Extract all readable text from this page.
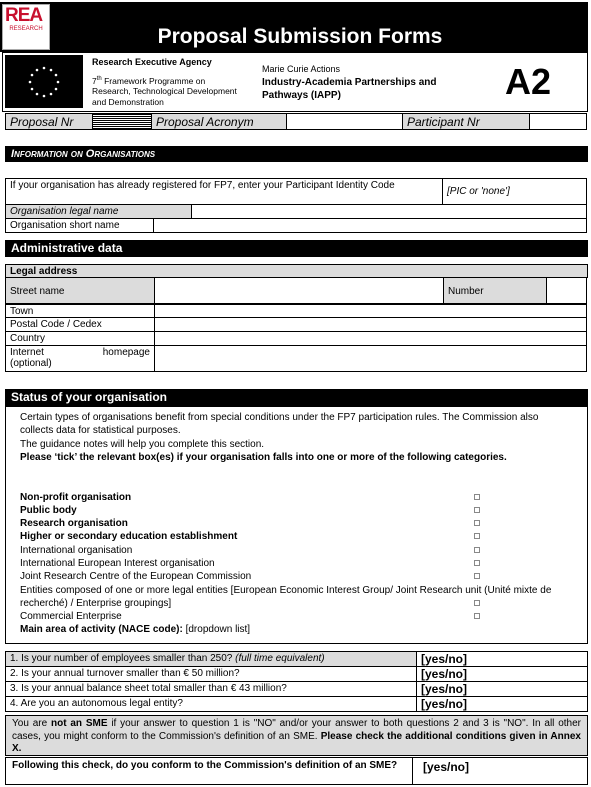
REA
RESEARCH	Proposal Submission Forms
Research Executive Agency
7th Framework Programme on Research, Technological Development and Demonstration
Marie Curie Actions
Industry-Academia Partnerships and Pathways (IAPP)	A2
Proposal Nr	Proposal Acronym	Participant Nr
Information on Organisations
If your organisation has already registered for FP7, enter your Participant Identity Code
[PIC or 'none']
Organisation legal name
Organisation short name
Administrative data
Legal address
Street name	Number
Town
Postal Code / Cedex
Country
Internet	homepage
(optional)
Status of your organisation
Certain types of organisations benefit from special conditions under the FP7 participation rules. The Commission also collects data for statistical purposes.
The guidance notes will help you complete this section.
Please ‘tick’ the relevant box(es) if your organisation falls into one or more of the following categories.
Non-profit organisation
Public body
Research organisation
Higher or secondary education establishment
International organisation
International European Interest organisation
Joint Research Centre of the European Commission
Entities composed of one or more legal entities [European Economic Interest Group/ Joint Research unit (Unité mixte de recherché) / Enterprise groupings]
Commercial Enterprise
Main area of activity (NACE code): [dropdown list]
1. Is your number of employees smaller than 250? (full time equivalent)	[yes/no]
2. Is your annual turnover smaller than € 50 million?	[yes/no]
3. Is your annual balance sheet total smaller than € 43 million?	[yes/no]
4. Are you an autonomous legal entity?	[yes/no]
You are not an SME if your answer to question 1 is "NO" and/or your answer to both questions 2 and 3 is "NO". In all other cases, you might conform to the Commission's definition of an SME. Please check the additional conditions given in Annex X.
Following this check, do you conform to the Commission's definition of an SME?	[yes/no]
